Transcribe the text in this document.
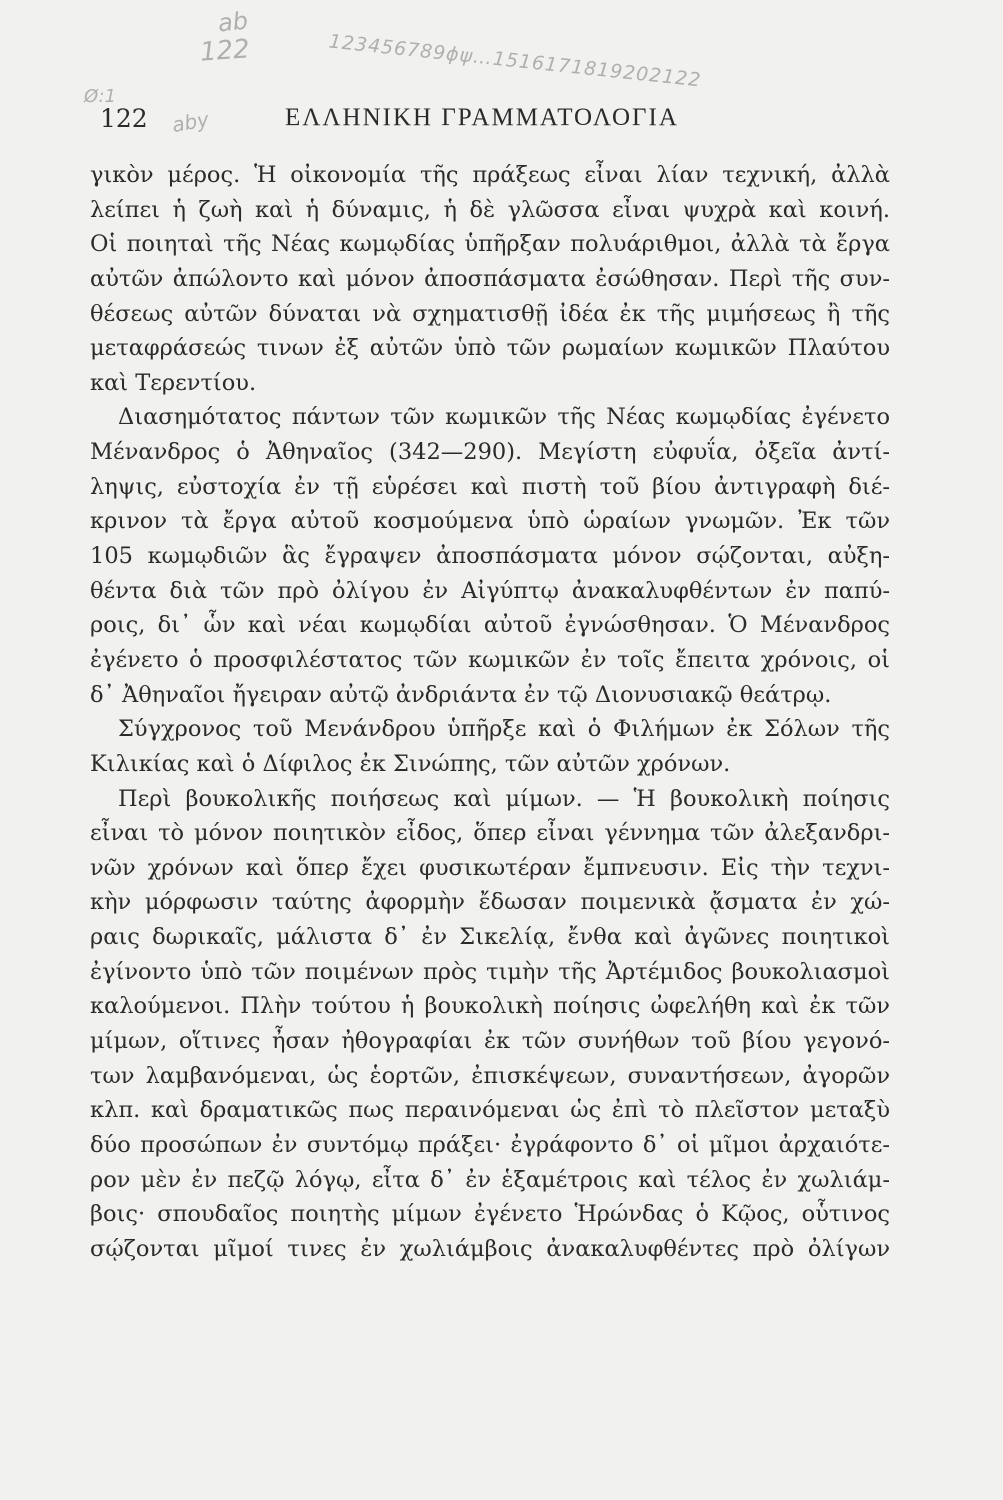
ab
122	123456789ɸψ…1516171819202122
aby
Ø:1
122	ΕΛΛΗΝΙΚΗ ΓΡΑΜΜΑΤΟΛΟΓΙΑ
γικὸν μέρος. Ἡ οἰκονομία τῆς πράξεως εἶναι λίαν τεχνική, ἀλλὰ
λείπει ἡ ζωὴ καὶ ἡ δύναμις, ἡ δὲ γλῶσσα εἶναι ψυχρὰ καὶ κοινή.
Οἱ ποιηταὶ τῆς Νέας κωμῳδίας ὑπῆρξαν πολυάριθμοι, ἀλλὰ τὰ ἔργα
αὐτῶν ἀπώλοντο καὶ μόνον ἀποσπάσματα ἐσώθησαν. Περὶ τῆς συν-
θέσεως αὐτῶν δύναται νὰ σχηματισθῇ ἰδέα ἐκ τῆς μιμήσεως ἢ τῆς
μεταφράσεώς τινων ἐξ αὐτῶν ὑπὸ τῶν ρωμαίων κωμικῶν Πλαύτου
καὶ Τερεντίου.
Διασημότατος πάντων τῶν κωμικῶν τῆς Νέας κωμῳδίας ἐγένετο
Μένανδρος ὁ Ἀθηναῖος (342—290). Μεγίστη εὐφυΐα, ὀξεῖα ἀντί-
ληψις, εὐστοχία ἐν τῇ εὑρέσει καὶ πιστὴ τοῦ βίου ἀντιγραφὴ διέ-
κρινον τὰ ἔργα αὐτοῦ κοσμούμενα ὑπὸ ὡραίων γνωμῶν. Ἐκ τῶν
105 κωμῳδιῶν ἃς ἔγραψεν ἀποσπάσματα μόνον σῴζονται, αὐξη-
θέντα διὰ τῶν πρὸ ὀλίγου ἐν Αἰγύπτῳ ἀνακαλυφθέντων ἐν παπύ-
ροις, δι᾽ ὧν καὶ νέαι κωμῳδίαι αὐτοῦ ἐγνώσθησαν. Ὁ Μένανδρος
ἐγένετο ὁ προσφιλέστατος τῶν κωμικῶν ἐν τοῖς ἔπειτα χρόνοις, οἱ
δ᾽ Ἀθηναῖοι ἤγειραν αὐτῷ ἀνδριάντα ἐν τῷ Διονυσιακῷ θεάτρῳ.
Σύγχρονος τοῦ Μενάνδρου ὑπῆρξε καὶ ὁ Φιλήμων ἐκ Σόλων τῆς
Κιλικίας καὶ ὁ Δίφιλος ἐκ Σινώπης, τῶν αὐτῶν χρόνων.
Περὶ βουκολικῆς ποιήσεως καὶ μίμων. — Ἡ βουκολικὴ ποίησις
εἶναι τὸ μόνον ποιητικὸν εἶδος, ὅπερ εἶναι γέννημα τῶν ἀλεξανδρι-
νῶν χρόνων καὶ ὅπερ ἔχει φυσικωτέραν ἔμπνευσιν. Εἰς τὴν τεχνι-
κὴν μόρφωσιν ταύτης ἀφορμὴν ἔδωσαν ποιμενικὰ ᾄσματα ἐν χώ-
ραις δωρικαῖς, μάλιστα δ᾽ ἐν Σικελίᾳ, ἔνθα καὶ ἀγῶνες ποιητικοὶ
ἐγίνοντο ὑπὸ τῶν ποιμένων πρὸς τιμὴν τῆς Ἀρτέμιδος βουκολιασμοὶ
καλούμενοι. Πλὴν τούτου ἡ βουκολικὴ ποίησις ὠφελήθη καὶ ἐκ τῶν
μίμων, οἵτινες ἦσαν ἠθογραφίαι ἐκ τῶν συνήθων τοῦ βίου γεγονό-
των λαμβανόμεναι, ὡς ἑορτῶν, ἐπισκέψεων, συναντήσεων, ἀγορῶν
κλπ. καὶ δραματικῶς πως περαινόμεναι ὡς ἐπὶ τὸ πλεῖστον μεταξὺ
δύο προσώπων ἐν συντόμῳ πράξει· ἐγράφοντο δ᾽ οἱ μῖμοι ἀρχαιότε-
ρον μὲν ἐν πεζῷ λόγῳ, εἶτα δ᾽ ἐν ἑξαμέτροις καὶ τέλος ἐν χωλιάμ-
βοις· σπουδαῖος ποιητὴς μίμων ἐγένετο Ἡρώνδας ὁ Κῷος, οὗτινος
σῴζονται μῖμοί τινες ἐν χωλιάμβοις ἀνακαλυφθέντες πρὸ ὀλίγων
